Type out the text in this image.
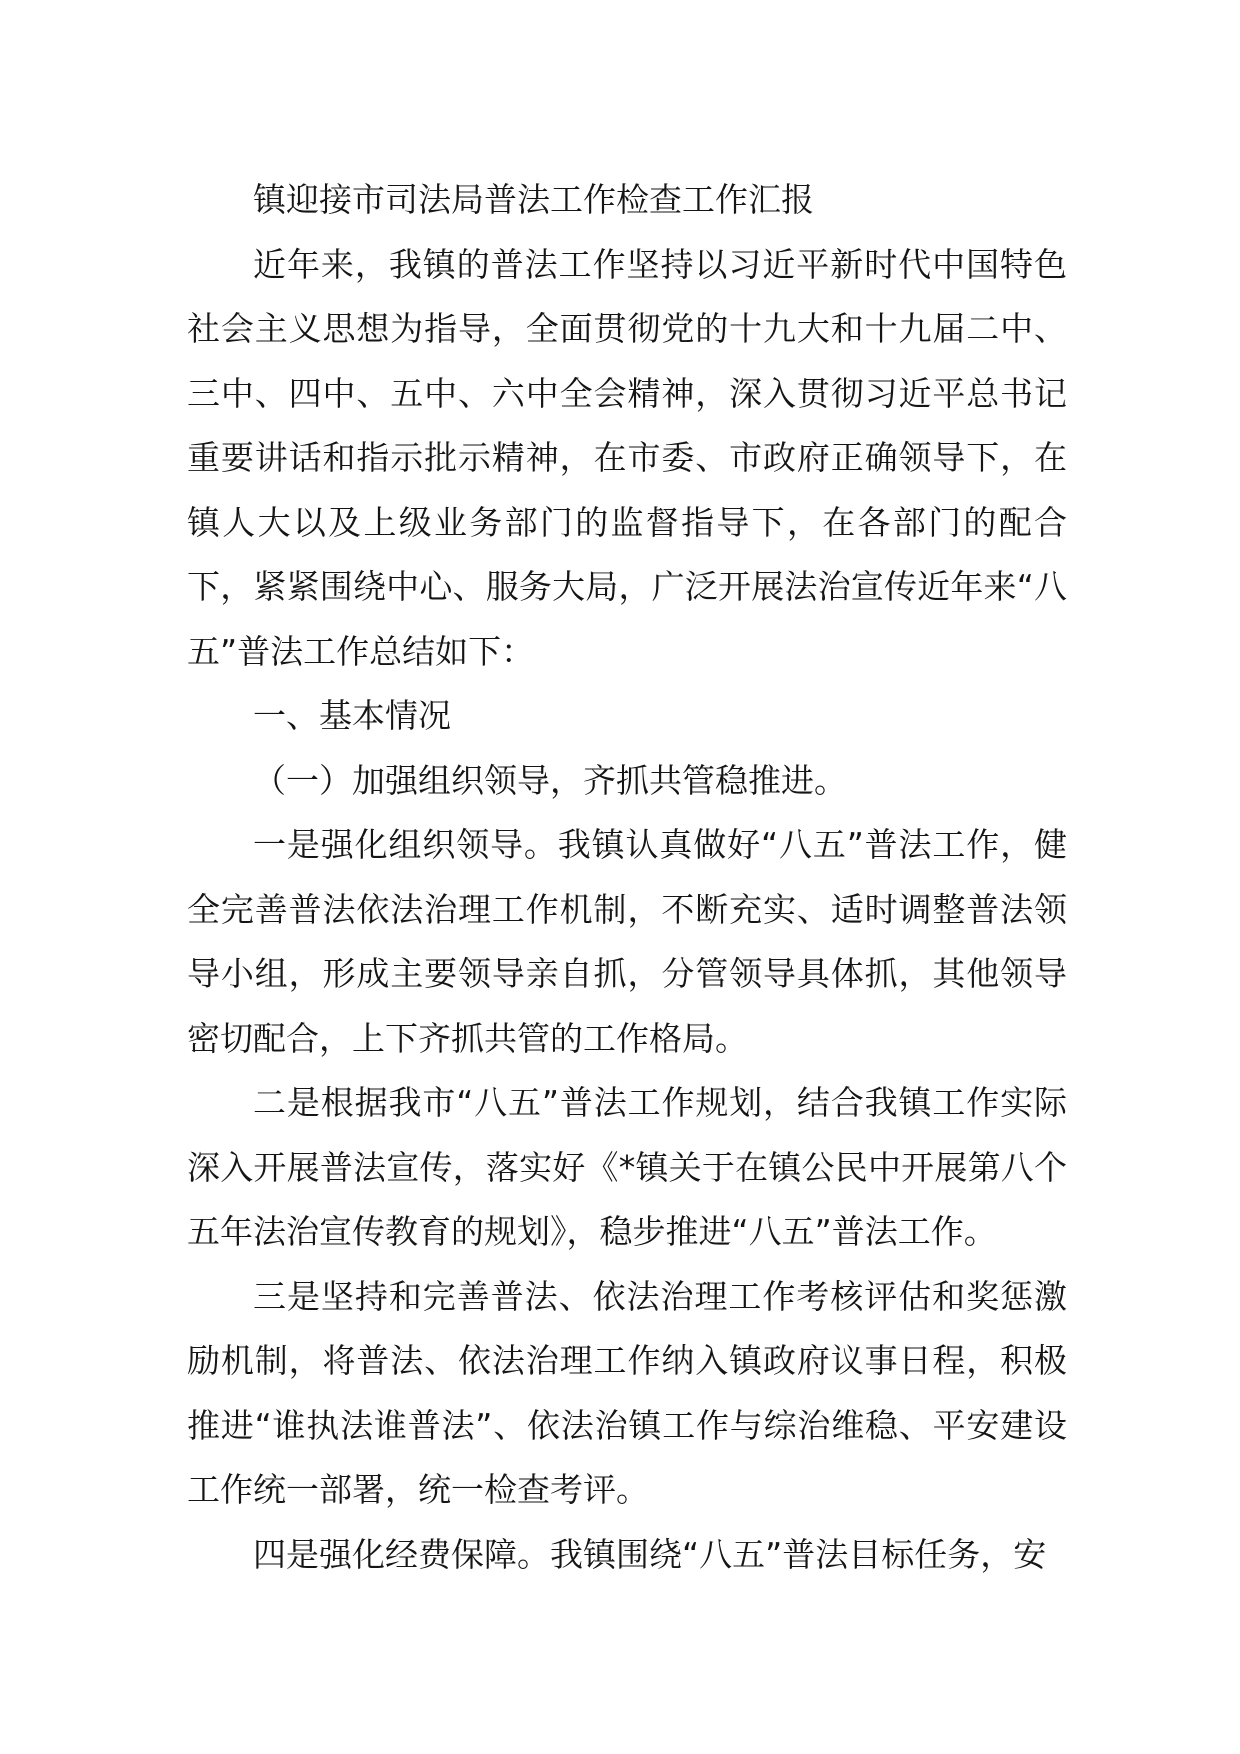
镇迎接市司法局普法工作检查工作汇报

近年来，我镇的普法工作坚持以习近平新时代中国特色社会主义思想为指导，全面贯彻党的十九大和十九届二中、三中、四中、五中、六中全会精神，深入贯彻习近平总书记重要讲话和指示批示精神，在市委、市政府正确领导下，在镇人大以及上级业务部门的监督指导下，在各部门的配合下，紧紧围绕中心、服务大局，广泛开展法治宣传近年来“八五”普法工作总结如下：

一、基本情况

（一）加强组织领导，齐抓共管稳推进。

一是强化组织领导。我镇认真做好“八五”普法工作，健全完善普法依法治理工作机制，不断充实、适时调整普法领导小组，形成主要领导亲自抓，分管领导具体抓，其他领导密切配合，上下齐抓共管的工作格局。

二是根据我市“八五”普法工作规划，结合我镇工作实际深入开展普法宣传，落实好《*镇关于在镇公民中开展第八个五年法治宣传教育的规划》，稳步推进“八五”普法工作。

三是坚持和完善普法、依法治理工作考核评估和奖惩激励机制，将普法、依法治理工作纳入镇政府议事日程，积极推进“谁执法谁普法”、依法治镇工作与综治维稳、平安建设工作统一部署，统一检查考评。

四是强化经费保障。我镇围绕“八五”普法目标任务，安
